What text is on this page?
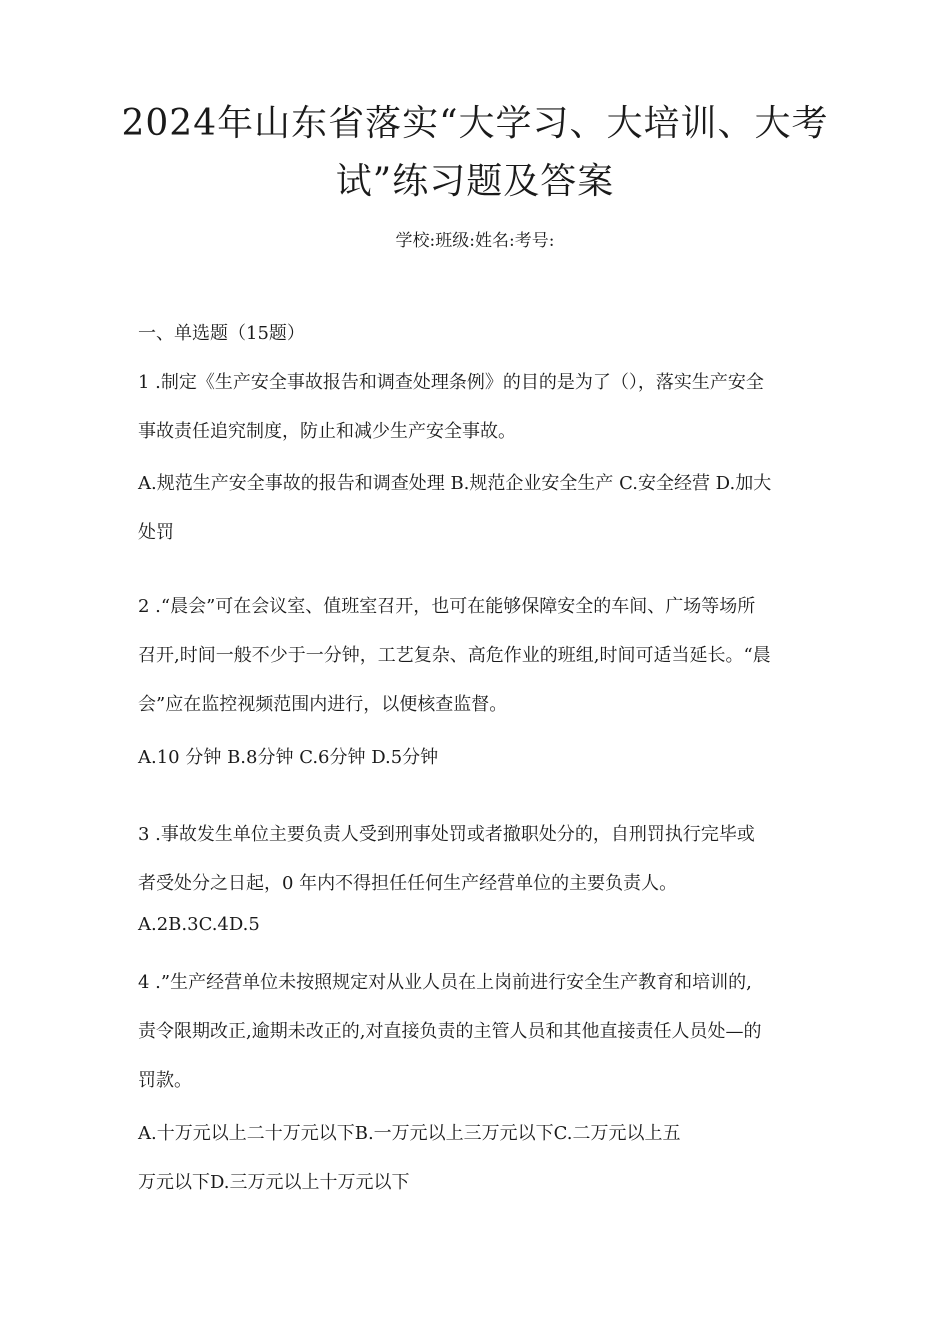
2024年山东省落实“大学习、大培训、大考
试”练习题及答案
学校:班级:姓名:考号:
一、单选题（15题）

1 .制定《生产安全事故报告和调查处理条例》的目的是为了（），落实生产安全

事故责任追究制度，防止和减少生产安全事故。

A.规范生产安全事故的报告和调查处理 B.规范企业安全生产 C.安全经营 D.加大

处罚

2 .“晨会”可在会议室、值班室召开，也可在能够保障安全的车间、广场等场所

召开,时间一般不少于一分钟，工艺复杂、高危作业的班组,时间可适当延长。“晨

会”应在监控视频范围内进行，以便核查监督。

A.10 分钟 B.8分钟 C.6分钟 D.5分钟

3 .事故发生单位主要负责人受到刑事处罚或者撤职处分的，自刑罚执行完毕或

者受处分之日起，0 年内不得担任任何生产经营单位的主要负责人。

A.2B.3C.4D.5

4 .”生产经营单位未按照规定对从业人员在上岗前进行安全生产教育和培训的,

责令限期改正,逾期未改正的,对直接负责的主管人员和其他直接责任人员处—的

罚款。

A.十万元以上二十万元以下B.一万元以上三万元以下C.二万元以上五

万元以下D.三万元以上十万元以下
